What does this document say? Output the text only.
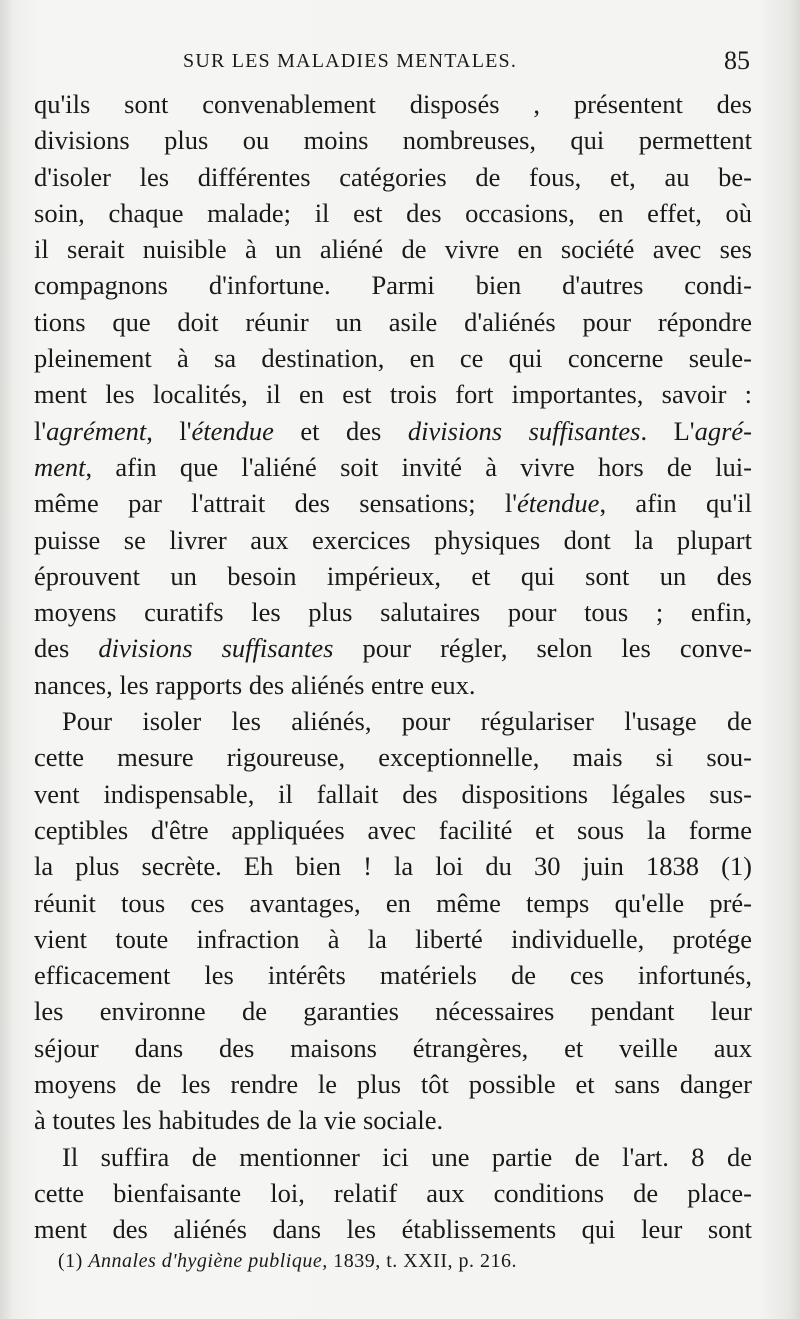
SUR LES MALADIES MENTALES.	85
qu'ils sont convenablement disposés , présentent des
divisions plus ou moins nombreuses, qui permettent
d'isoler les différentes catégories de fous, et, au be-
soin, chaque malade; il est des occasions, en effet, où
il serait nuisible à un aliéné de vivre en société avec ses
compagnons d'infortune. Parmi bien d'autres condi-
tions que doit réunir un asile d'aliénés pour répondre
pleinement à sa destination, en ce qui concerne seule-
ment les localités, il en est trois fort importantes, savoir :
l'agrément, l'étendue et des divisions suffisantes. L'agré-
ment, afin que l'aliéné soit invité à vivre hors de lui-
même par l'attrait des sensations; l'étendue, afin qu'il
puisse se livrer aux exercices physiques dont la plupart
éprouvent un besoin impérieux, et qui sont un des
moyens curatifs les plus salutaires pour tous ; enfin,
des divisions suffisantes pour régler, selon les conve-
nances, les rapports des aliénés entre eux.
Pour isoler les aliénés, pour régulariser l'usage de
cette mesure rigoureuse, exceptionnelle, mais si sou-
vent indispensable, il fallait des dispositions légales sus-
ceptibles d'être appliquées avec facilité et sous la forme
la plus secrète. Eh bien ! la loi du 30 juin 1838 (1)
réunit tous ces avantages, en même temps qu'elle pré-
vient toute infraction à la liberté individuelle, protége
efficacement les intérêts matériels de ces infortunés,
les environne de garanties nécessaires pendant leur
séjour dans des maisons étrangères, et veille aux
moyens de les rendre le plus tôt possible et sans danger
à toutes les habitudes de la vie sociale.
Il suffira de mentionner ici une partie de l'art. 8 de
cette bienfaisante loi, relatif aux conditions de place-
ment des aliénés dans les établissements qui leur sont
(1) Annales d'hygiène publique, 1839, t. XXII, p. 216.
